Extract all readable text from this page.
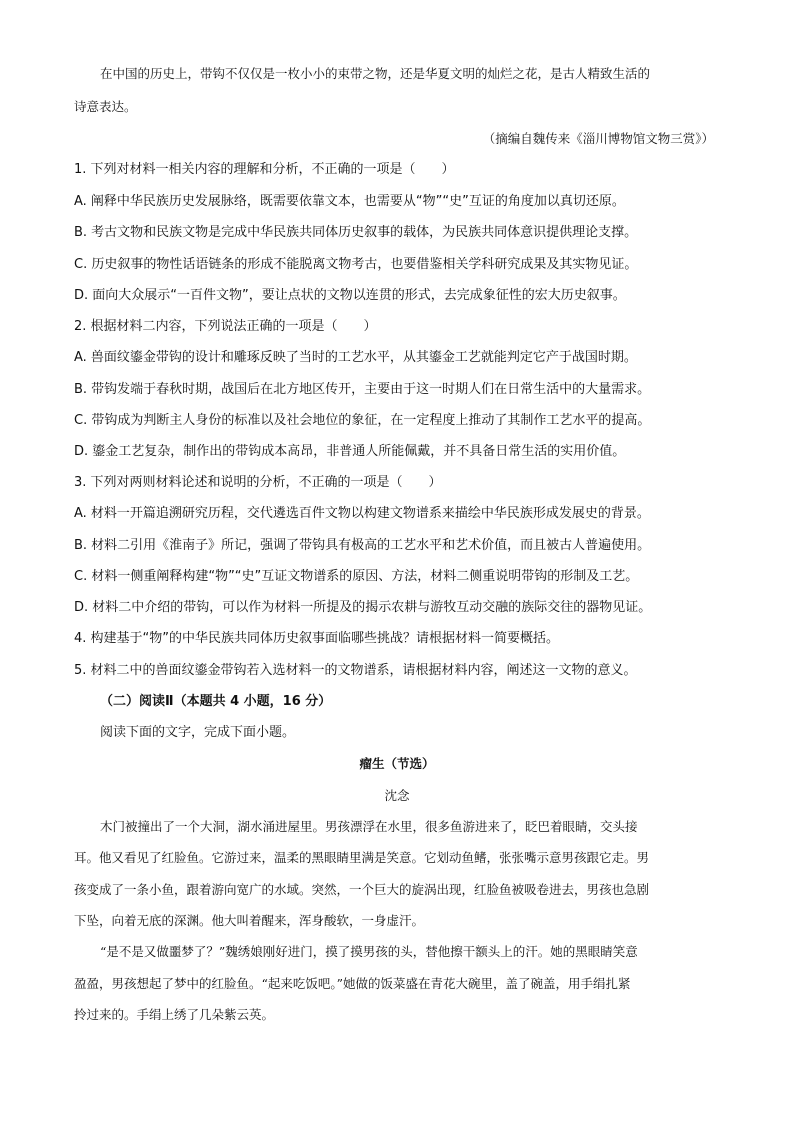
在中国的历史上，带钩不仅仅是一枚小小的束带之物，还是华夏文明的灿烂之花，是古人精致生活的
诗意表达。
（摘编自魏传来《淄川博物馆文物三赏》）
1. 下列对材料一相关内容的理解和分析，不正确的一项是（　　）
A. 阐释中华民族历史发展脉络，既需要依靠文本，也需要从“物”“史”互证的角度加以真切还原。
B. 考古文物和民族文物是完成中华民族共同体历史叙事的载体，为民族共同体意识提供理论支撑。
C. 历史叙事的物性话语链条的形成不能脱离文物考古，也要借鉴相关学科研究成果及其实物见证。
D. 面向大众展示“一百件文物”，要让点状的文物以连贯的形式，去完成象征性的宏大历史叙事。
2. 根据材料二内容，下列说法正确的一项是（　　）
A. 兽面纹鎏金带钩的设计和雕琢反映了当时的工艺水平，从其鎏金工艺就能判定它产于战国时期。
B. 带钩发端于春秋时期，战国后在北方地区传开，主要由于这一时期人们在日常生活中的大量需求。
C. 带钩成为判断主人身份的标准以及社会地位的象征，在一定程度上推动了其制作工艺水平的提高。
D. 鎏金工艺复杂，制作出的带钩成本高昂，非普通人所能佩戴，并不具备日常生活的实用价值。
3. 下列对两则材料论述和说明的分析，不正确的一项是（　　）
A. 材料一开篇追溯研究历程，交代遴选百件文物以构建文物谱系来描绘中华民族形成发展史的背景。
B. 材料二引用《淮南子》所记，强调了带钩具有极高的工艺水平和艺术价值，而且被古人普遍使用。
C. 材料一侧重阐释构建“物”“史”互证文物谱系的原因、方法，材料二侧重说明带钩的形制及工艺。
D. 材料二中介绍的带钩，可以作为材料一所提及的揭示农耕与游牧互动交融的族际交往的器物见证。
4. 构建基于“物”的中华民族共同体历史叙事面临哪些挑战？请根据材料一简要概括。
5. 材料二中的兽面纹鎏金带钩若入选材料一的文物谱系，请根据材料内容，阐述这一文物的意义。
（二）阅读Ⅱ（本题共 4 小题，16 分）
阅读下面的文字，完成下面小题。
瘤生（节选）
沈念
木门被撞出了一个大洞，湖水涌进屋里。男孩漂浮在水里，很多鱼游进来了，眨巴着眼睛，交头接
耳。他又看见了红脸鱼。它游过来，温柔的黑眼睛里满是笑意。它划动鱼鳍，张张嘴示意男孩跟它走。男
孩变成了一条小鱼，跟着游向宽广的水域。突然，一个巨大的旋涡出现，红脸鱼被吸卷进去，男孩也急剧
下坠，向着无底的深渊。他大叫着醒来，浑身酸软，一身虚汗。
“是不是又做噩梦了？”魏绣娘刚好进门，摸了摸男孩的头，替他擦干额头上的汗。她的黑眼睛笑意
盈盈，男孩想起了梦中的红脸鱼。“起来吃饭吧。”她做的饭菜盛在青花大碗里，盖了碗盖，用手绢扎紧
拎过来的。手绢上绣了几朵紫云英。
